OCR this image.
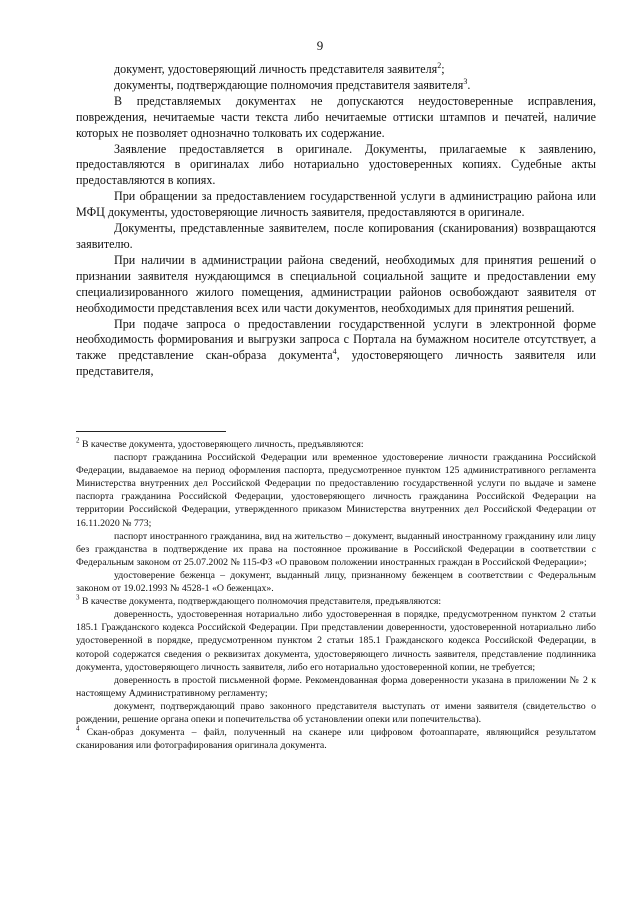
9

документ, удостоверяющий личность представителя заявителя$^2$;

документы, подтверждающие полномочия представителя заявителя$^3$.

В представляемых документах не допускаются неудостоверенные исправления, повреждения, нечитаемые части текста либо нечитаемые оттиски штампов и печатей, наличие которых не позволяет однозначно толковать их содержание.

Заявление предоставляется в оригинале. Документы, прилагаемые к заявлению, предоставляются в оригиналах либо нотариально удостоверенных копиях. Судебные акты предоставляются в копиях.

При обращении за предоставлением государственной услуги в администрацию района или МФЦ документы, удостоверяющие личность заявителя, предоставляются в оригинале.

Документы, представленные заявителем, после копирования (сканирования) возвращаются заявителю.

При наличии в администрации района сведений, необходимых для принятия решений о признании заявителя нуждающимся в специальной социальной защите и предоставлении ему специализированного жилого помещения, администрации районов освобождают заявителя от необходимости представления всех или части документов, необходимых для принятия решений.

При подаче запроса о предоставлении государственной услуги в электронной форме необходимость формирования и выгрузки запроса с Портала на бумажном носителе отсутствует, а также представление скан-образа документа$^4$, удостоверяющего личность заявителя или представителя,

$^2$ В качестве документа, удостоверяющего личность, предъявляются:

паспорт гражданина Российской Федерации или временное удостоверение личности гражданина Российской Федерации, выдаваемое на период оформления паспорта, предусмотренное пунктом 125 административного регламента Министерства внутренних дел Российской Федерации по предоставлению государственной услуги по выдаче и замене паспорта гражданина Российской Федерации, удостоверяющего личность гражданина Российской Федерации на территории Российской Федерации, утвержденного приказом Министерства внутренних дел Российской Федерации от 16.11.2020 № 773;

паспорт иностранного гражданина, вид на жительство – документ, выданный иностранному гражданину или лицу без гражданства в подтверждение их права на постоянное проживание в Российской Федерации в соответствии с Федеральным законом от 25.07.2002 № 115-ФЗ «О правовом положении иностранных граждан в Российской Федерации»;

удостоверение беженца – документ, выданный лицу, признанному беженцем в соответствии с Федеральным законом от 19.02.1993 № 4528-1 «О беженцах».

$^3$ В качестве документа, подтверждающего полномочия представителя, предъявляются:

доверенность, удостоверенная нотариально либо удостоверенная в порядке, предусмотренном пунктом 2 статьи 185.1 Гражданского кодекса Российской Федерации. При представлении доверенности, удостоверенной нотариально либо удостоверенной в порядке, предусмотренном пунктом 2 статьи 185.1 Гражданского кодекса Российской Федерации, в которой содержатся сведения о реквизитах документа, удостоверяющего личность заявителя, представление подлинника документа, удостоверяющего личность заявителя, либо его нотариально удостоверенной копии, не требуется;

доверенность в простой письменной форме. Рекомендованная форма доверенности указана в приложении № 2 к настоящему Административному регламенту;

документ, подтверждающий право законного представителя выступать от имени заявителя (свидетельство о рождении, решение органа опеки и попечительства об установлении опеки или попечительства).

$^4$ Скан-образ документа – файл, полученный на сканере или цифровом фотоаппарате, являющийся результатом сканирования или фотографирования оригинала документа.
